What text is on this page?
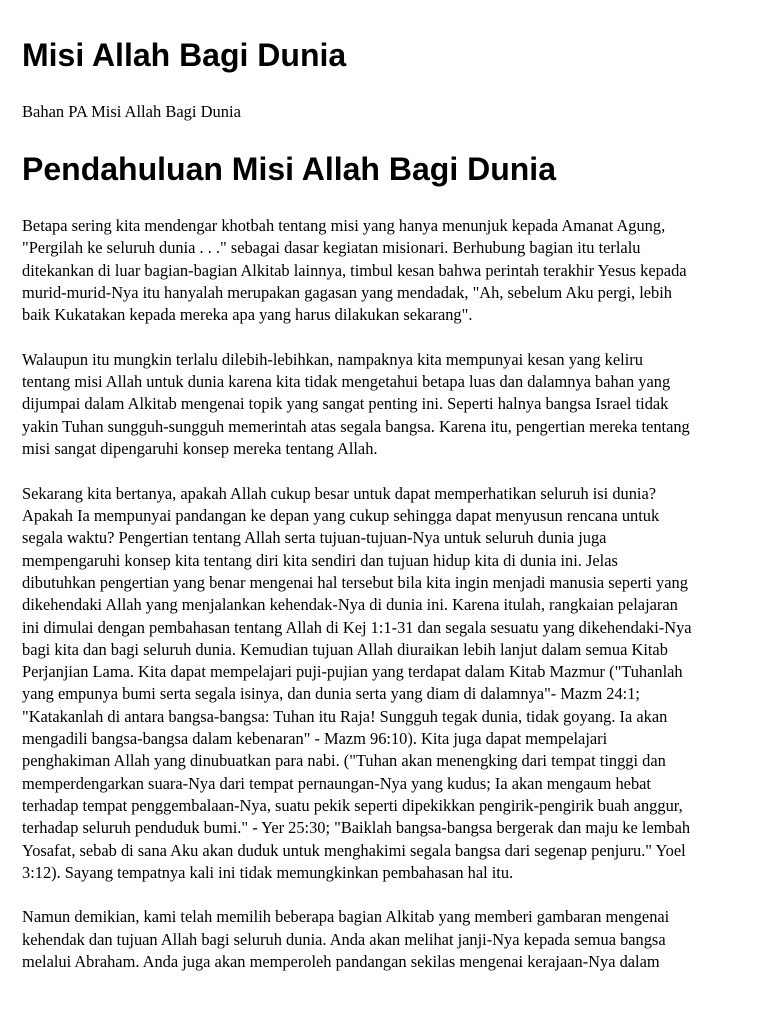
Misi Allah Bagi Dunia

Bahan PA Misi Allah Bagi Dunia

Pendahuluan Misi Allah Bagi Dunia

Betapa sering kita mendengar khotbah tentang misi yang hanya menunjuk kepada Amanat Agung,
"Pergilah ke seluruh dunia . . ." sebagai dasar kegiatan misionari. Berhubung bagian itu terlalu
ditekankan di luar bagian-bagian Alkitab lainnya, timbul kesan bahwa perintah terakhir Yesus kepada
murid-murid-Nya itu hanyalah merupakan gagasan yang mendadak, "Ah, sebelum Aku pergi, lebih
baik Kukatakan kepada mereka apa yang harus dilakukan sekarang".

Walaupun itu mungkin terlalu dilebih-lebihkan, nampaknya kita mempunyai kesan yang keliru
tentang misi Allah untuk dunia karena kita tidak mengetahui betapa luas dan dalamnya bahan yang
dijumpai dalam Alkitab mengenai topik yang sangat penting ini. Seperti halnya bangsa Israel tidak
yakin Tuhan sungguh-sungguh memerintah atas segala bangsa. Karena itu, pengertian mereka tentang
misi sangat dipengaruhi konsep mereka tentang Allah.

Sekarang kita bertanya, apakah Allah cukup besar untuk dapat memperhatikan seluruh isi dunia?
Apakah Ia mempunyai pandangan ke depan yang cukup sehingga dapat menyusun rencana untuk
segala waktu? Pengertian tentang Allah serta tujuan-tujuan-Nya untuk seluruh dunia juga
mempengaruhi konsep kita tentang diri kita sendiri dan tujuan hidup kita di dunia ini. Jelas
dibutuhkan pengertian yang benar mengenai hal tersebut bila kita ingin menjadi manusia seperti yang
dikehendaki Allah yang menjalankan kehendak-Nya di dunia ini. Karena itulah, rangkaian pelajaran
ini dimulai dengan pembahasan tentang Allah di Kej 1:1-31 dan segala sesuatu yang dikehendaki-Nya
bagi kita dan bagi seluruh dunia. Kemudian tujuan Allah diuraikan lebih lanjut dalam semua Kitab
Perjanjian Lama. Kita dapat mempelajari puji-pujian yang terdapat dalam Kitab Mazmur ("Tuhanlah
yang empunya bumi serta segala isinya, dan dunia serta yang diam di dalamnya"- Mazm 24:1;
"Katakanlah di antara bangsa-bangsa: Tuhan itu Raja! Sungguh tegak dunia, tidak goyang. Ia akan
mengadili bangsa-bangsa dalam kebenaran" - Mazm 96:10). Kita juga dapat mempelajari
penghakiman Allah yang dinubuatkan para nabi. ("Tuhan akan menengking dari tempat tinggi dan
memperdengarkan suara-Nya dari tempat pernaungan-Nya yang kudus; Ia akan mengaum hebat
terhadap tempat penggembalaan-Nya, suatu pekik seperti dipekikkan pengirik-pengirik buah anggur,
terhadap seluruh penduduk bumi." - Yer 25:30; "Baiklah bangsa-bangsa bergerak dan maju ke lembah
Yosafat, sebab di sana Aku akan duduk untuk menghakimi segala bangsa dari segenap penjuru." Yoel
3:12). Sayang tempatnya kali ini tidak memungkinkan pembahasan hal itu.

Namun demikian, kami telah memilih beberapa bagian Alkitab yang memberi gambaran mengenai
kehendak dan tujuan Allah bagi seluruh dunia. Anda akan melihat janji-Nya kepada semua bangsa
melalui Abraham. Anda juga akan memperoleh pandangan sekilas mengenai kerajaan-Nya dalam
